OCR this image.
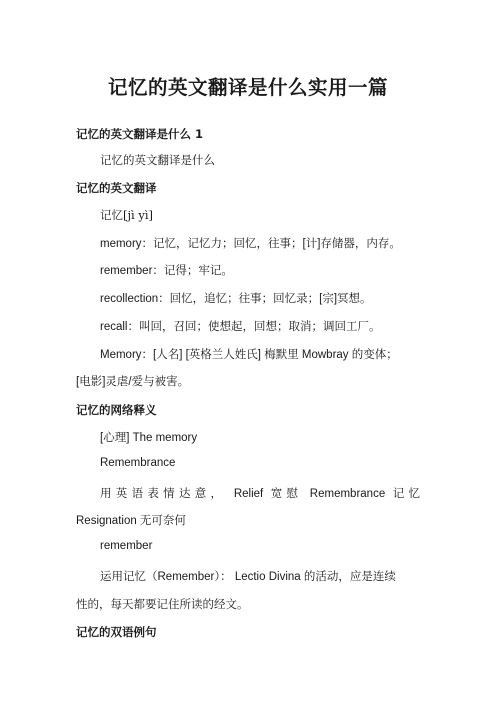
记忆的英文翻译是什么实用一篇
记忆的英文翻译是什么 1
记忆的英文翻译是什么
记忆的英文翻译
记忆[jì yì]
memory：记忆，记忆力；回忆，往事；[计]存储器，内存。
remember：记得；牢记。
recollection：回忆，追忆；往事；回忆录；[宗]冥想。
recall：叫回，召回；使想起，回想；取消；调回工厂。
Memory：[人名] [英格兰人姓氏] 梅默里 Mowbray 的变体；
[电影]灵虐/爱与被害。
记忆的网络释义
[心理] The memory
Remembrance
用英语表情达意， Relief 宽慰 Remembrance 记忆
Resignation 无可奈何
remember
运用记忆（Remember）： Lectio Divina 的活动，应是连续
性的，每天都要记住所读的经文。
记忆的双语例句
